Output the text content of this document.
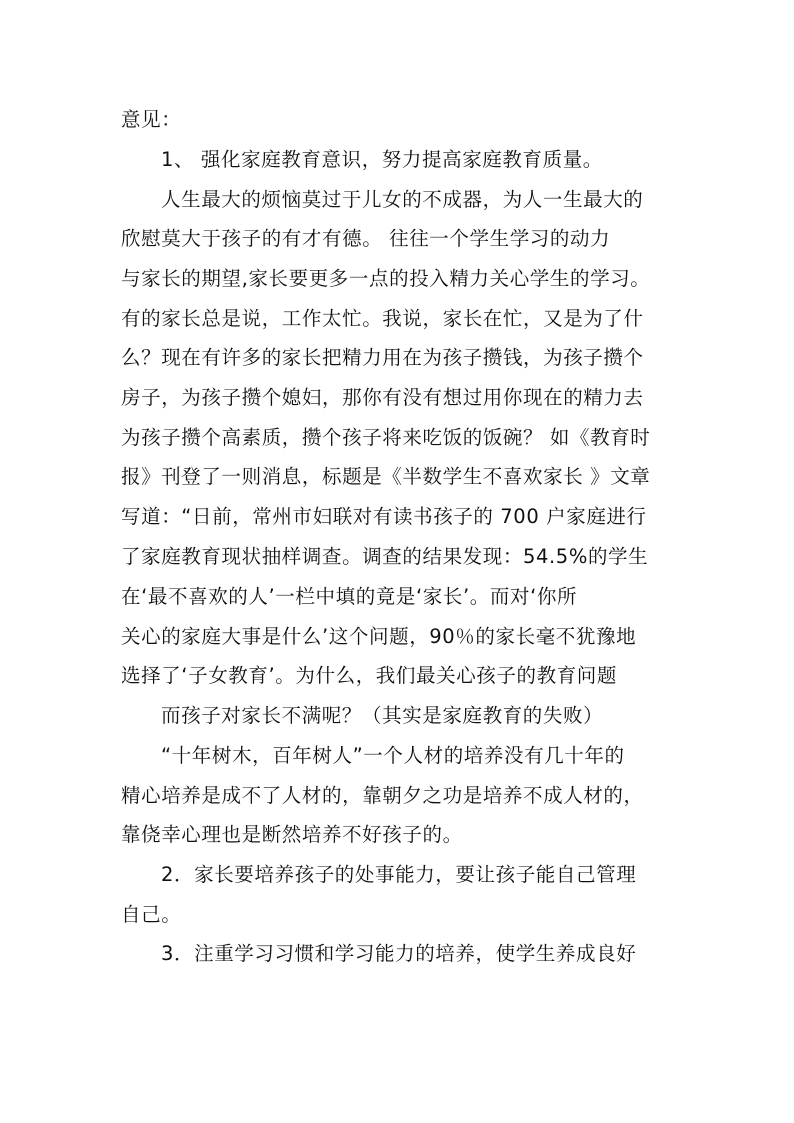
意见：
1、 强化家庭教育意识，努力提高家庭教育质量。
人生最大的烦恼莫过于儿女的不成器，为人一生最大的
欣慰莫大于孩子的有才有德。 往往一个学生学习的动力
与家长的期望,家长要更多一点的投入精力关心学生的学习。
有的家长总是说，工作太忙。我说，家长在忙，又是为了什
么？现在有许多的家长把精力用在为孩子攒钱，为孩子攒个
房子，为孩子攒个媳妇，那你有没有想过用你现在的精力去
为孩子攒个高素质，攒个孩子将来吃饭的饭碗？ 如《教育时
报》刊登了一则消息，标题是《半数学生不喜欢家长 》文章
写道：“日前，常州市妇联对有读书孩子的 700 户家庭进行
了家庭教育现状抽样调查。调查的结果发现：54.5%的学生
在‘最不喜欢的人’一栏中填的竟是‘家长’。而对‘你所
关心的家庭大事是什么’这个问题，90％的家长毫不犹豫地
选择了‘子女教育’。为什么，我们最关心孩子的教育问题
而孩子对家长不满呢？（其实是家庭教育的失败）
“十年树木，百年树人”一个人材的培养没有几十年的
精心培养是成不了人材的，靠朝夕之功是培养不成人材的，
靠侥幸心理也是断然培养不好孩子的。
2．家长要培养孩子的处事能力，要让孩子能自己管理
自己。
3．注重学习习惯和学习能力的培养，使学生养成良好
